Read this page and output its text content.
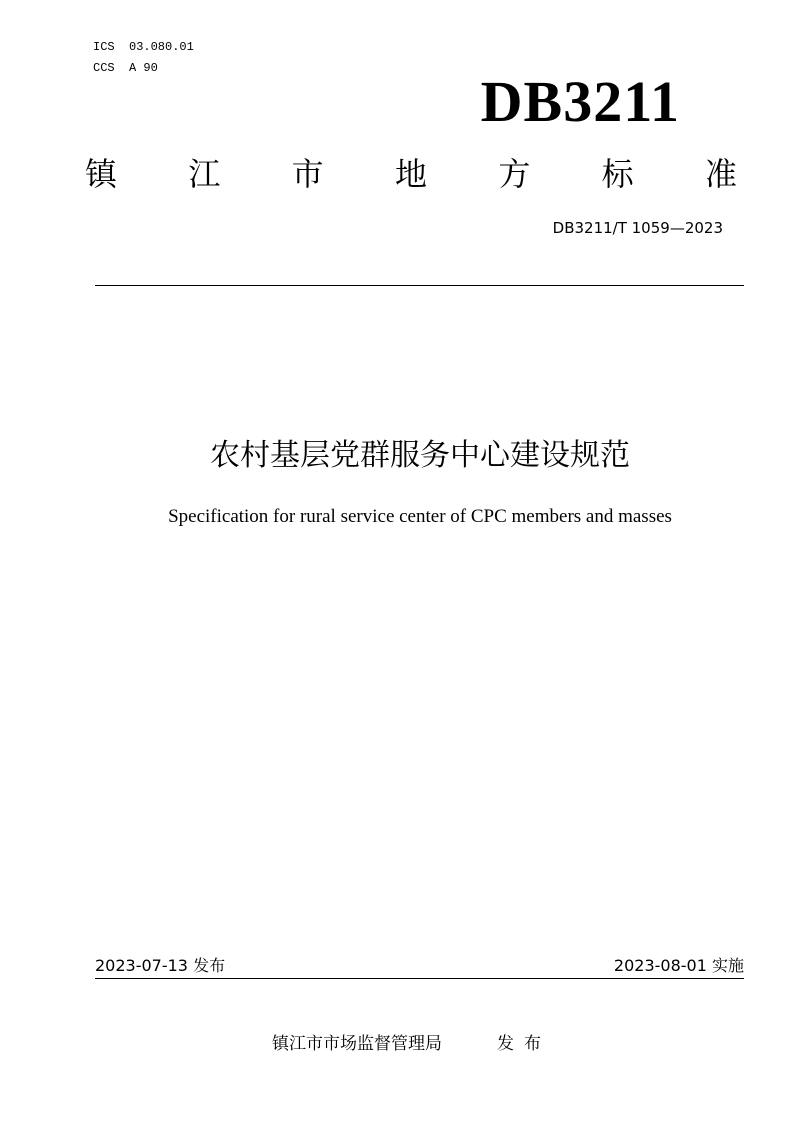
ICS  03.080.01
CCS  A 90
DB3211
镇 江 市 地 方 标 准
DB3211/T 1059—2023
农村基层党群服务中心建设规范
Specification for rural service center of CPC members and masses
2023-07-13 发布	2023-08-01 实施
镇江市市场监督管理局	发布
